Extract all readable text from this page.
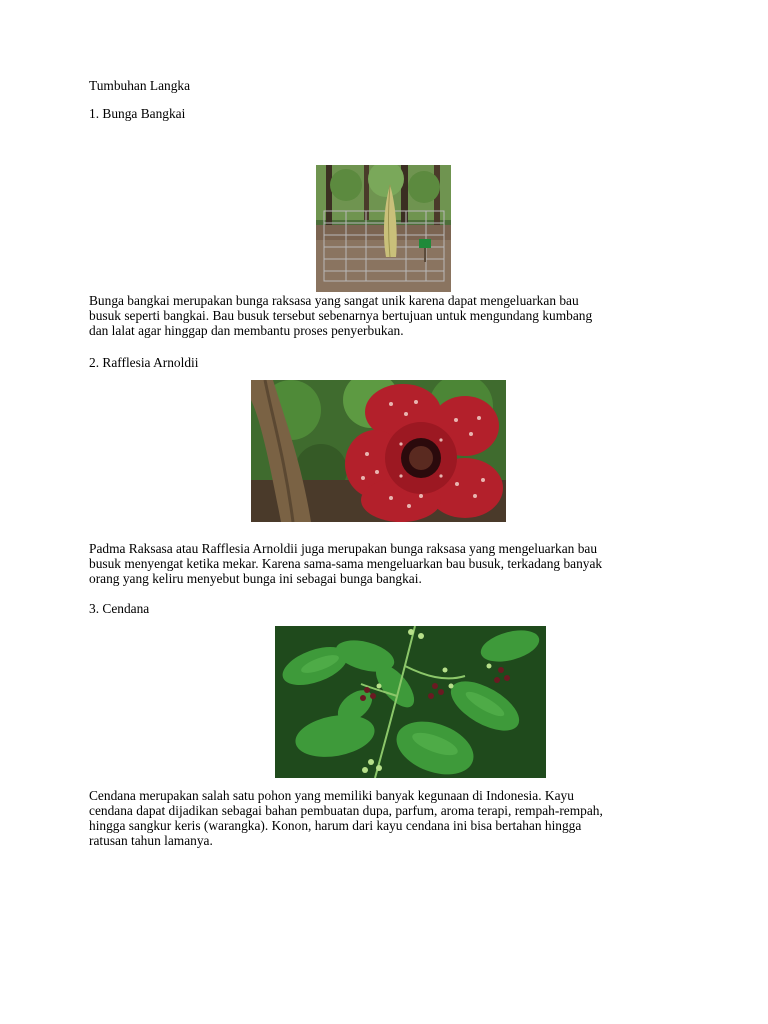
Tumbuhan Langka
1. Bunga Bangkai
Bunga bangkai merupakan bunga raksasa yang sangat unik karena dapat mengeluarkan bau
busuk seperti bangkai. Bau busuk tersebut sebenarnya bertujuan untuk mengundang kumbang
dan lalat agar hinggap dan membantu proses penyerbukan.
2. Rafflesia Arnoldii
Padma Raksasa atau Rafflesia Arnoldii juga merupakan bunga raksasa yang mengeluarkan bau
busuk menyengat ketika mekar. Karena sama-sama mengeluarkan bau busuk, terkadang banyak
orang yang keliru menyebut bunga ini sebagai bunga bangkai.
3. Cendana
Cendana merupakan salah satu pohon yang memiliki banyak kegunaan di Indonesia. Kayu
cendana dapat dijadikan sebagai bahan pembuatan dupa, parfum, aroma terapi, rempah-rempah,
hingga sangkur keris (warangka). Konon, harum dari kayu cendana ini bisa bertahan hingga
ratusan tahun lamanya.
